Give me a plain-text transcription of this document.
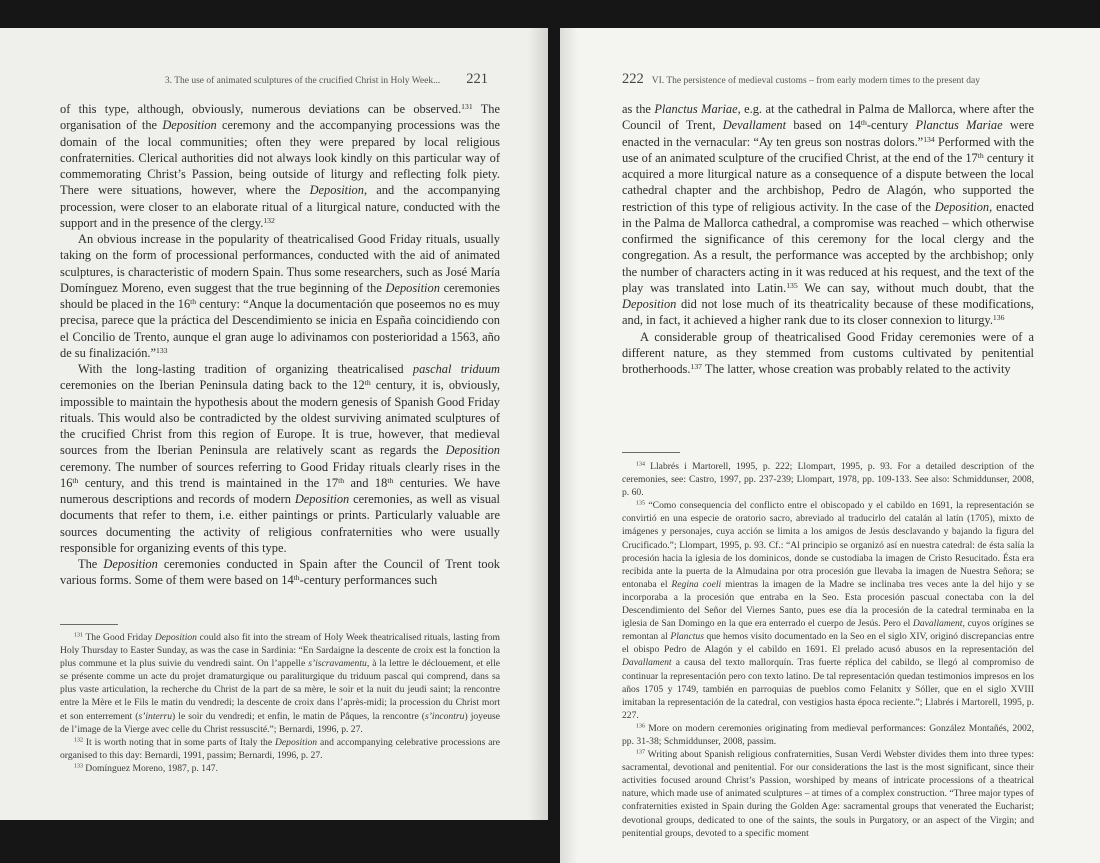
3. The use of animated sculptures of the crucified Christ in Holy Week... 221

of this type, although, obviously, numerous deviations can be observed.$^{131}$ The organisation of the Deposition ceremony and the accompanying processions was the domain of the local communities; often they were prepared by local religious confraternities. Clerical authorities did not always look kindly on this particular way of commemorating Christ’s Passion, being outside of liturgy and reflecting folk piety. There were situations, however, where the Deposition, and the accompanying procession, were closer to an elaborate ritual of a liturgical nature, conducted with the support and in the presence of the clergy.$^{132}$

An obvious increase in the popularity of theatricalised Good Friday rituals, usually taking on the form of processional performances, conducted with the aid of animated sculptures, is characteristic of modern Spain. Thus some researchers, such as José María Domínguez Moreno, even suggest that the true beginning of the Deposition ceremonies should be placed in the 16th century: “Anque la documentación que poseemos no es muy precisa, parece que la práctica del Descendimiento se inicia en España coincidiendo con el Concilio de Trento, aunque el gran auge lo adivinamos con posterioridad a 1563, año de su finalización.”$^{133}$

With the long-lasting tradition of organizing theatricalised paschal triduum ceremonies on the Iberian Peninsula dating back to the 12th century, it is, obviously, impossible to maintain the hypothesis about the modern genesis of Spanish Good Friday rituals. This would also be contradicted by the oldest surviving animated sculptures of the crucified Christ from this region of Europe. It is true, however, that medieval sources from the Iberian Peninsula are relatively scant as regards the Deposition ceremony. The number of sources referring to Good Friday rituals clearly rises in the 16th century, and this trend is maintained in the 17th and 18th centuries. We have numerous descriptions and records of modern Deposition ceremonies, as well as visual documents that refer to them, i.e. either paintings or prints. Particularly valuable are sources documenting the activity of religious confraternities who were usually responsible for organizing events of this type.

The Deposition ceremonies conducted in Spain after the Council of Trent took various forms. Some of them were based on 14th-century performances such

$^{131}$ The Good Friday Deposition could also fit into the stream of Holy Week theatricalised rituals, lasting from Holy Thursday to Easter Sunday, as was the case in Sardinia: “En Sardaigne la descente de croix est la fonction la plus commune et la plus suivie du vendredi saint. On l’appelle s’iscravamentu, à la lettre le déclouement, et elle se présente comme un acte du projet dramaturgique ou paraliturgique du triduum pascal qui comprend, dans sa plus vaste articulation, la recherche du Christ de la part de sa mère, le soir et la nuit du jeudi saint; la rencontre entre la Mère et le Fils le matin du vendredi; la descente de croix dans l’après-midi; la procession du Christ mort et son enterrement (s’interru) le soir du vendredi; et enfin, le matin de Pâques, la rencontre (s’incontru) joyeuse de l’image de la Vierge avec celle du Christ ressuscité.”; Bernardi, 1996, p. 27.

$^{132}$ It is worth noting that in some parts of Italy the Deposition and accompanying celebrative processions are organised to this day: Bernardi, 1991, passim; Bernardi, 1996, p. 27.

$^{133}$ Domínguez Moreno, 1987, p. 147.

222 VI. The persistence of medieval customs – from early modern times to the present day

as the Planctus Mariae, e.g. at the cathedral in Palma de Mallorca, where after the Council of Trent, Devallament based on 14th-century Planctus Mariae were enacted in the vernacular: “Ay ten greus son nostras dolors.”$^{134}$ Performed with the use of an animated sculpture of the crucified Christ, at the end of the 17th century it acquired a more liturgical nature as a consequence of a dispute between the local cathedral chapter and the archbishop, Pedro de Alagón, who supported the restriction of this type of religious activity. In the case of the Deposition, enacted in the Palma de Mallorca cathedral, a compromise was reached – which otherwise confirmed the significance of this ceremony for the local clergy and the congregation. As a result, the performance was accepted by the archbishop; only the number of characters acting in it was reduced at his request, and the text of the play was translated into Latin.$^{135}$ We can say, without much doubt, that the Deposition did not lose much of its theatricality because of these modifications, and, in fact, it achieved a higher rank due to its closer connexion to liturgy.$^{136}$

A considerable group of theatricalised Good Friday ceremonies were of a different nature, as they stemmed from customs cultivated by penitential brotherhoods.$^{137}$ The latter, whose creation was probably related to the activity

$^{134}$ Llabrés i Martorell, 1995, p. 222; Llompart, 1995, p. 93. For a detailed description of the ceremonies, see: Castro, 1997, pp. 237-239; Llompart, 1978, pp. 109-133. See also: Schmiddunser, 2008, p. 60.

$^{135}$ “Como consequencia del conflicto entre el obiscopado y el cabildo en 1691, la representación se convirtió en una especie de oratorio sacro, abreviado al traducirlo del catalán al latín (1705), mixto de imágenes y personajes, cuya acción se limita a los amigos de Jesús desclavando y bajando la figura del Crucificado.”; Llompart, 1995, p. 93. Cf.: “Al principio se organizó así en nuestra catedral: de ésta salía la procesión hacia la iglesia de los dominicos, donde se custodiaba la imagen de Cristo Resucitado. Ésta era recibida ante la puerta de la Almudaina por otra procesión gue llevaba la imagen de Nuestra Señora; se entonaba el Regina coeli mientras la imagen de la Madre se inclinaba tres veces ante la del hijo y se incorporaba a la procesión que entraba en la Seo. Esta procesión pascual conectaba con la del Descendimiento del Señor del Viernes Santo, pues ese día la procesión de la catedral terminaba en la iglesia de San Domingo en la que era enterrado el cuerpo de Jesús. Pero el Davallament, cuyos orígines se remontan al Planctus que hemos visito documentado en la Seo en el siglo XIV, originó discrepancias entre el obispo Pedro de Alagón y el cabildo en 1691. El prelado acusó abusos en la representación del Davallament a causa del texto mallorquín. Tras fuerte réplica del cabildo, se llegó al compromiso de continuar la representación pero con texto latino. De tal representación quedan testimonios impresos en los años 1705 y 1749, también en parroquias de pueblos como Felanitx y Sóller, que en el siglo XVIII imitaban la representación de la catedral, con vestigios hasta época reciente.”; Llabrés i Martorell, 1995, p. 227.

$^{136}$ More on modern ceremonies originating from medieval performances: González Montañés, 2002, pp. 31-38; Schmiddunser, 2008, passim.

$^{137}$ Writing about Spanish religious confraternities, Susan Verdi Webster divides them into three types: sacramental, devotional and penitential. For our considerations the last is the most significant, since their activities focused around Christ’s Passion, worshiped by means of intricate processions of a theatrical nature, which made use of animated sculptures – at times of a complex construction. “Three major types of confraternities existed in Spain during the Golden Age: sacramental groups that venerated the Eucharist; devotional groups, dedicated to one of the saints, the souls in Purgatory, or an aspect of the Virgin; and penitential groups, devoted to a specific moment
